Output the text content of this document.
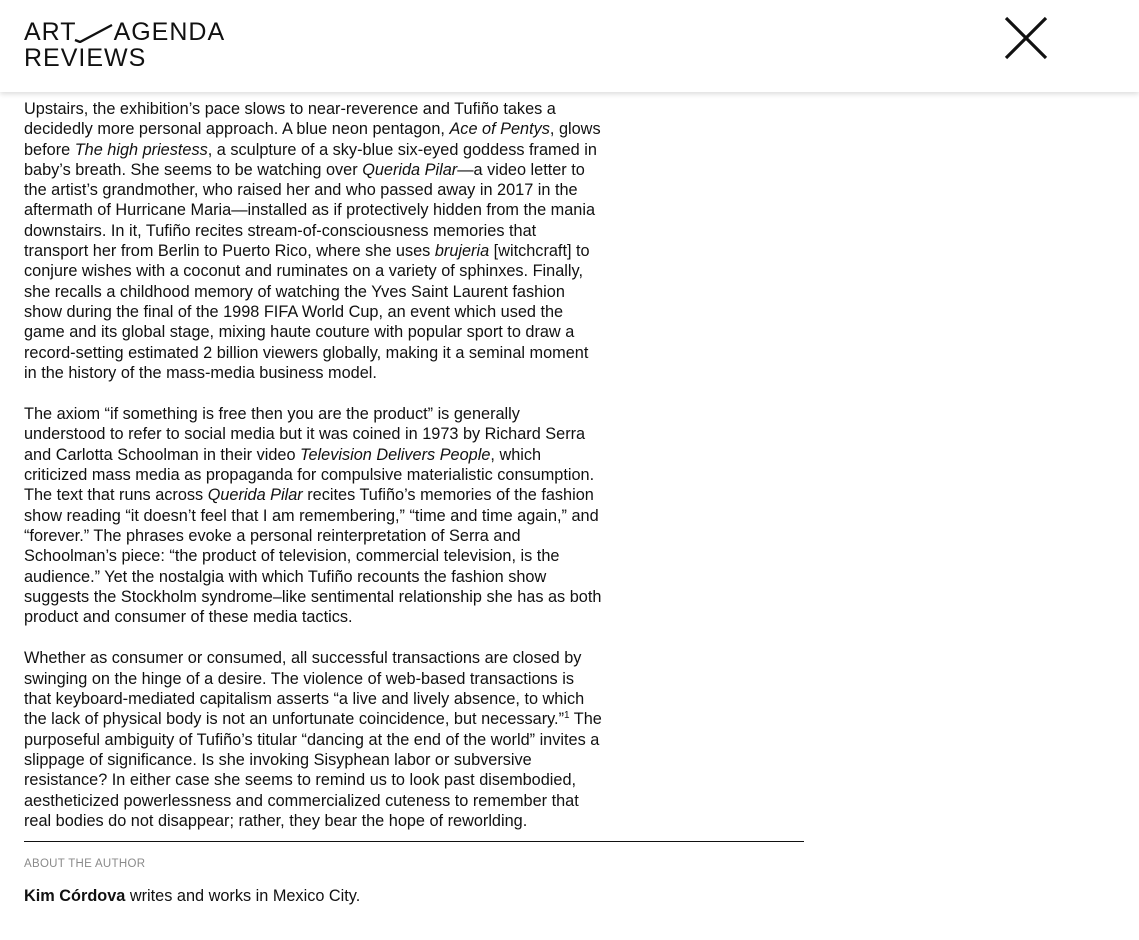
ART AGENDA
REVIEWS

Upstairs, the exhibition’s pace slows to near-reverence and Tufiño takes a decidedly more personal approach. A blue neon pentagon, Ace of Pentys, glows before The high priestess, a sculpture of a sky-blue six-eyed goddess framed in baby’s breath. She seems to be watching over Querida Pilar—a video letter to the artist’s grandmother, who raised her and who passed away in 2017 in the aftermath of Hurricane Maria—installed as if protectively hidden from the mania downstairs. In it, Tufiño recites stream-of-consciousness memories that transport her from Berlin to Puerto Rico, where she uses brujeria [witchcraft] to conjure wishes with a coconut and ruminates on a variety of sphinxes. Finally, she recalls a childhood memory of watching the Yves Saint Laurent fashion show during the final of the 1998 FIFA World Cup, an event which used the game and its global stage, mixing haute couture with popular sport to draw a record-setting estimated 2 billion viewers globally, making it a seminal moment in the history of the mass-media business model.

The axiom “if something is free then you are the product” is generally understood to refer to social media but it was coined in 1973 by Richard Serra and Carlotta Schoolman in their video Television Delivers People, which criticized mass media as propaganda for compulsive materialistic consumption. The text that runs across Querida Pilar recites Tufiño’s memories of the fashion show reading “it doesn’t feel that I am remembering,” “time and time again,” and “forever.” The phrases evoke a personal reinterpretation of Serra and Schoolman’s piece: “the product of television, commercial television, is the audience.” Yet the nostalgia with which Tufiño recounts the fashion show suggests the Stockholm syndrome–like sentimental relationship she has as both product and consumer of these media tactics.

Whether as consumer or consumed, all successful transactions are closed by swinging on the hinge of a desire. The violence of web-based transactions is that keyboard-mediated capitalism asserts “a live and lively absence, to which the lack of physical body is not an unfortunate coincidence, but necessary.”$^1$ The purposeful ambiguity of Tufiño’s titular “dancing at the end of the world” invites a slippage of significance. Is she invoking Sisyphean labor or subversive resistance? In either case she seems to remind us to look past disembodied, aestheticized powerlessness and commercialized cuteness to remember that real bodies do not disappear; rather, they bear the hope of reworlding.

ABOUT THE AUTHOR
Kim Córdova writes and works in Mexico City.
